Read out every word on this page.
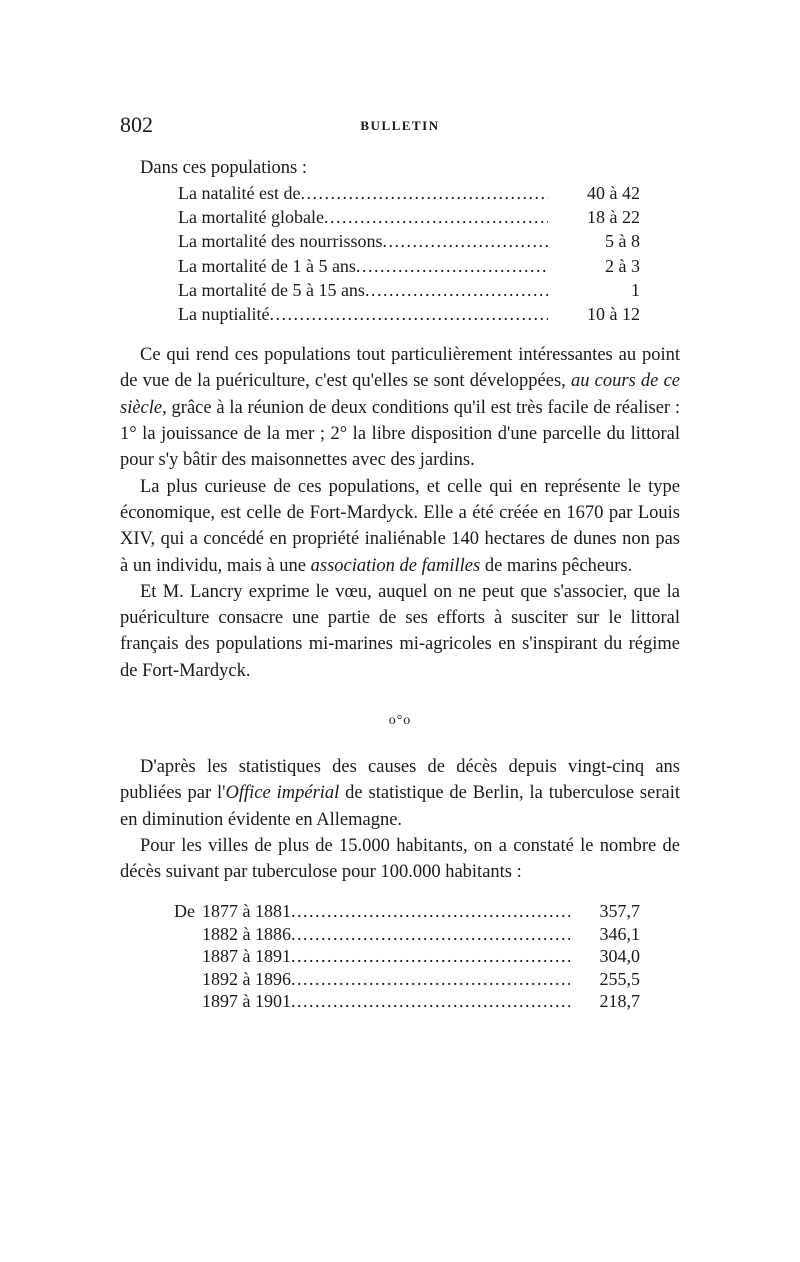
802	BULLETIN
Dans ces populations :
La natalité est de .....	40 à 42
La mortalité globale .....	18 à 22
La mortalité des nourrissons .....	5 à 8
La mortalité de 1 à 5 ans .....	2 à 3
La mortalité de 5 à 15 ans .....	1
La nuptialité .....	10 à 12

Ce qui rend ces populations tout particulièrement intéressantes au point de vue de la puériculture, c'est qu'elles se sont développées, au cours de ce siècle, grâce à la réunion de deux conditions qu'il est très facile de réaliser : 1° la jouissance de la mer ; 2° la libre disposition d'une parcelle du littoral pour s'y bâtir des maisonnettes avec des jardins.

La plus curieuse de ces populations, et celle qui en représente le type économique, est celle de Fort-Mardyck. Elle a été créée en 1670 par Louis XIV, qui a concédé en propriété inaliénable 140 hectares de dunes non pas à un individu, mais à une association de familles de marins pêcheurs.

Et M. Lancry exprime le vœu, auquel on ne peut que s'associer, que la puériculture consacre une partie de ses efforts à susciter sur le littoral français des populations mi-marines mi-agricoles en s'inspirant du régime de Fort-Mardyck.

o°o

D'après les statistiques des causes de décès depuis vingt-cinq ans publiées par l'Office impérial de statistique de Berlin, la tuberculose serait en diminution évidente en Allemagne.

Pour les villes de plus de 15.000 habitants, on a constaté le nombre de décès suivant par tuberculose pour 100.000 habitants :

De 1877 à 1881 .....	357,7
1882 à 1886 .....	346,1
1887 à 1891 .....	304,0
1892 à 1896 .....	255,5
1897 à 1901 .....	218,7
